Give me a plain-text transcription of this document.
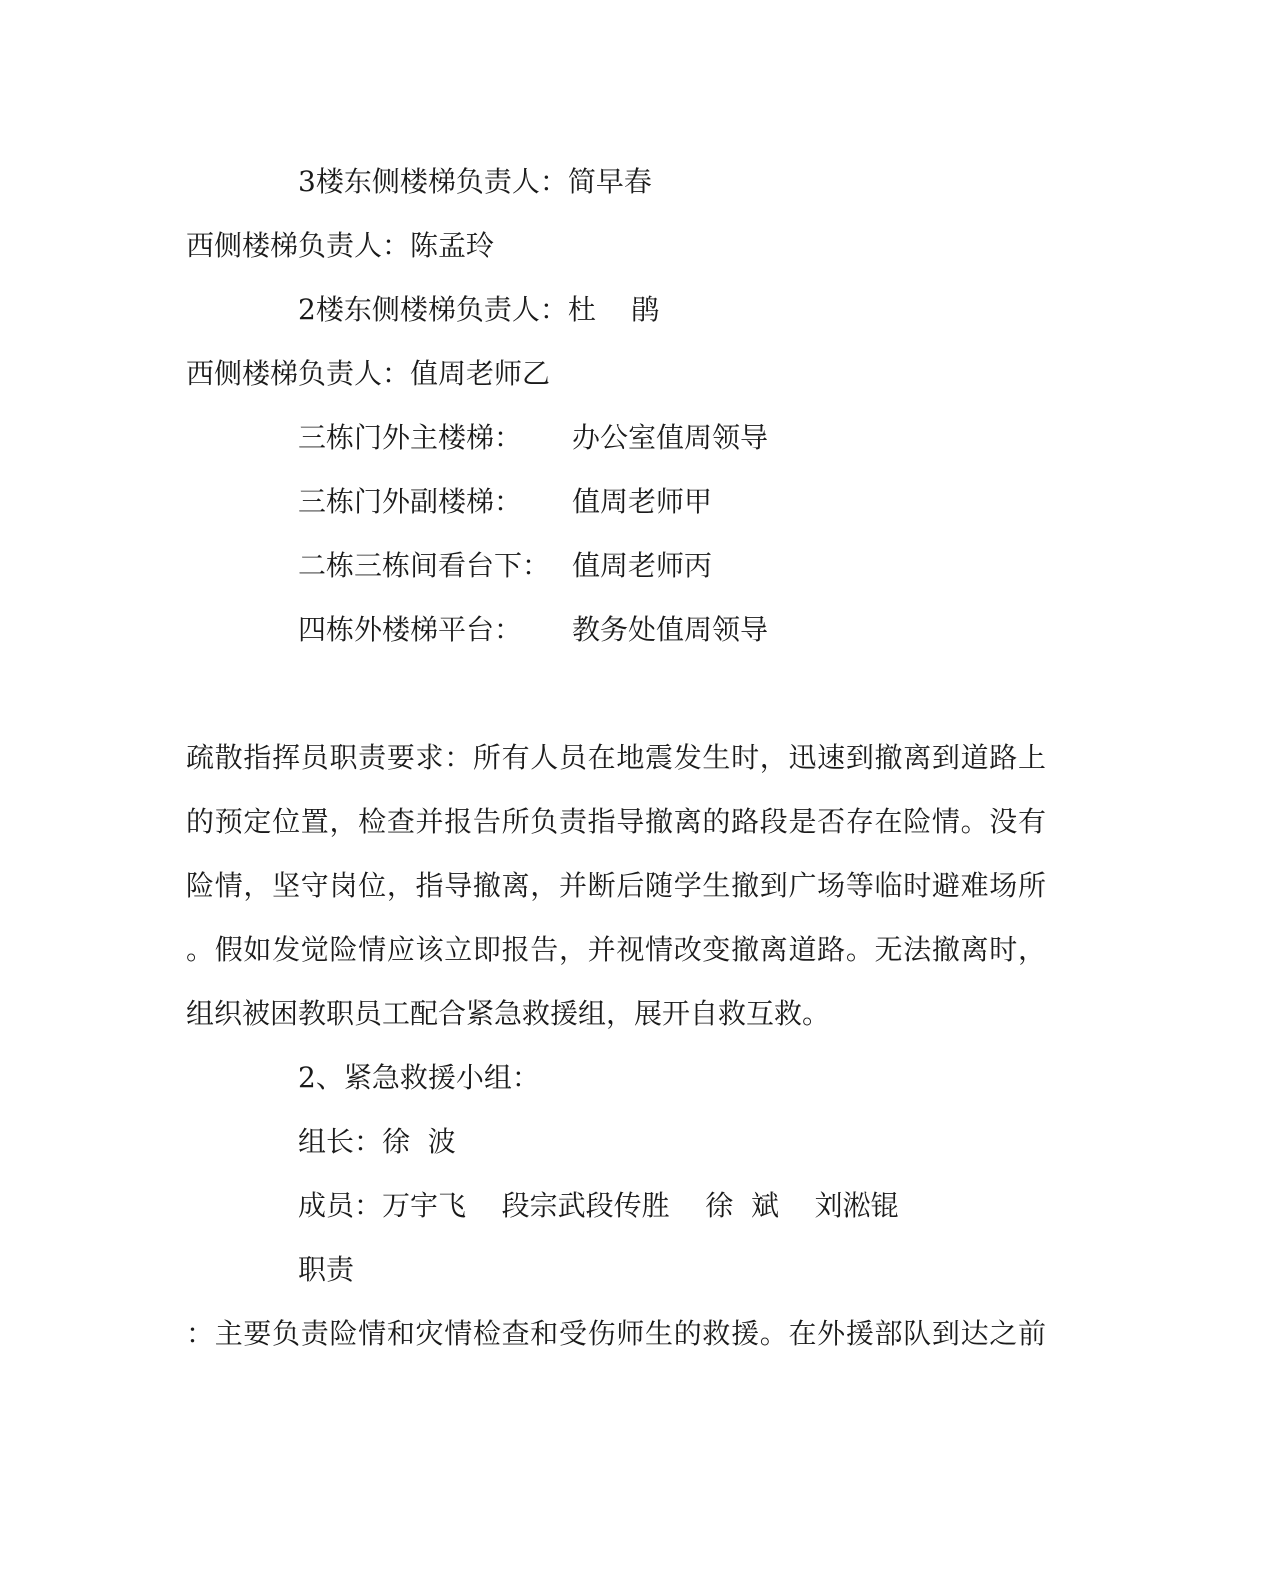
3楼东侧楼梯负责人：简早春
西侧楼梯负责人：陈孟玲
2楼东侧楼梯负责人：杜    鹃
西侧楼梯负责人：值周老师乙
三栋门外主楼梯： 办公室值周领导
三栋门外副楼梯： 值周老师甲
二栋三栋间看台下： 值周老师丙
四栋外楼梯平台： 教务处值周领导
疏散指挥员职责要求：所有人员在地震发生时，迅速到撤离到道路上
的预定位置，检查并报告所负责指导撤离的路段是否存在险情。没有
险情，坚守岗位，指导撤离，并断后随学生撤到广场等临时避难场所
。假如发觉险情应该立即报告，并视情改变撤离道路。无法撤离时，
组织被困教职员工配合紧急救援组，展开自救互救。
2、紧急救援小组：
组长：徐  波
成员：万宇飞    段宗武段传胜    徐  斌    刘淞锟
职责
：主要负责险情和灾情检查和受伤师生的救援。在外援部队到达之前
